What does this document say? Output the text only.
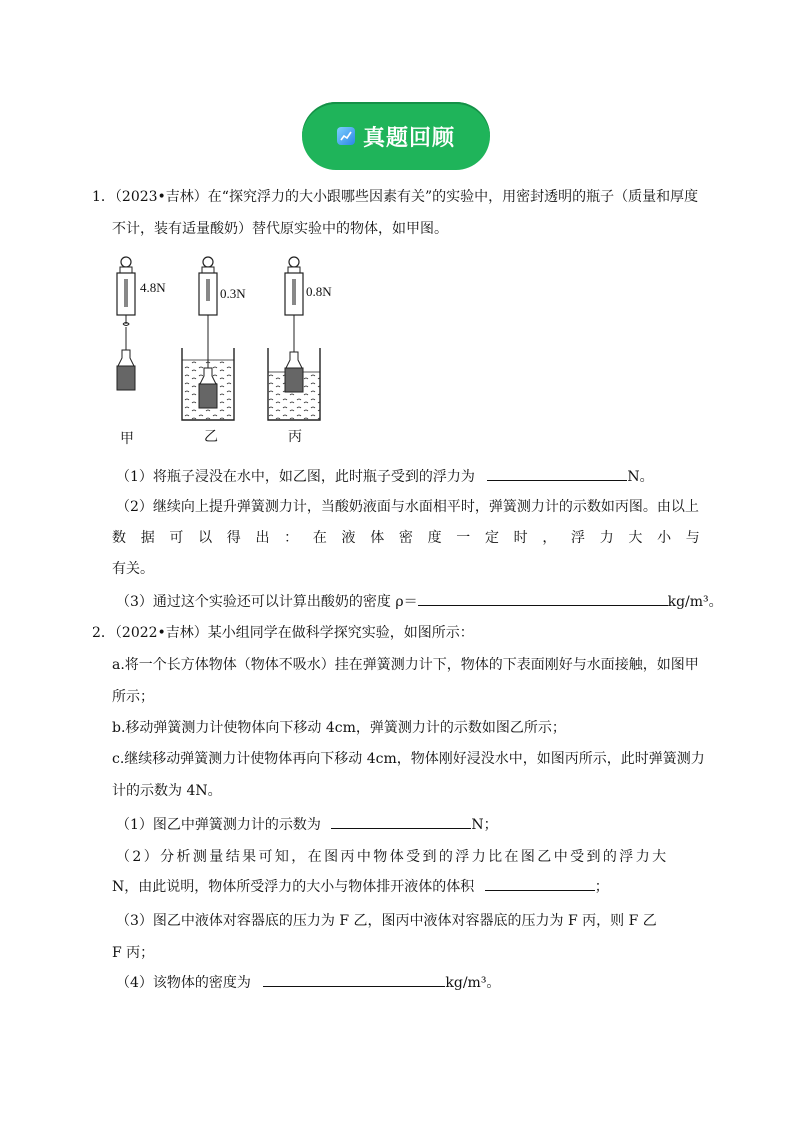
真题回顾
1．（2023•吉林）在“探究浮力的大小跟哪些因素有关”的实验中，用密封透明的瓶子（质量和厚度
不计，装有适量酸奶）替代原实验中的物体，如甲图。
4.8N	0.3N	0.8N
甲	乙	丙
（1）将瓶子浸没在水中，如乙图，此时瓶子受到的浮力为	N。
（2）继续向上提升弹簧测力计，当酸奶液面与水面相平时，弹簧测力计的示数如丙图。由以上
数 据 可 以 得 出 ： 在 液 体 密 度 一 定 时 ， 浮 力 大 小 与
有关。
（3）通过这个实验还可以计算出酸奶的密度 ρ＝	kg/m³。
2．（2022•吉林）某小组同学在做科学探究实验，如图所示：
a.将一个长方体物体（物体不吸水）挂在弹簧测力计下，物体的下表面刚好与水面接触，如图甲
所示；
b.移动弹簧测力计使物体向下移动 4cm，弹簧测力计的示数如图乙所示；
c.继续移动弹簧测力计使物体再向下移动 4cm，物体刚好浸没水中，如图丙所示，此时弹簧测力
计的示数为 4N。
（1）图乙中弹簧测力计的示数为	N；
（2）分析测量结果可知，在图丙中物体受到的浮力比在图乙中受到的浮力大
N，由此说明，物体所受浮力的大小与物体排开液体的体积	；
（3）图乙中液体对容器底的压力为 F 乙，图丙中液体对容器底的压力为 F 丙，则 F 乙
F 丙；
（4）该物体的密度为	kg/m³。
